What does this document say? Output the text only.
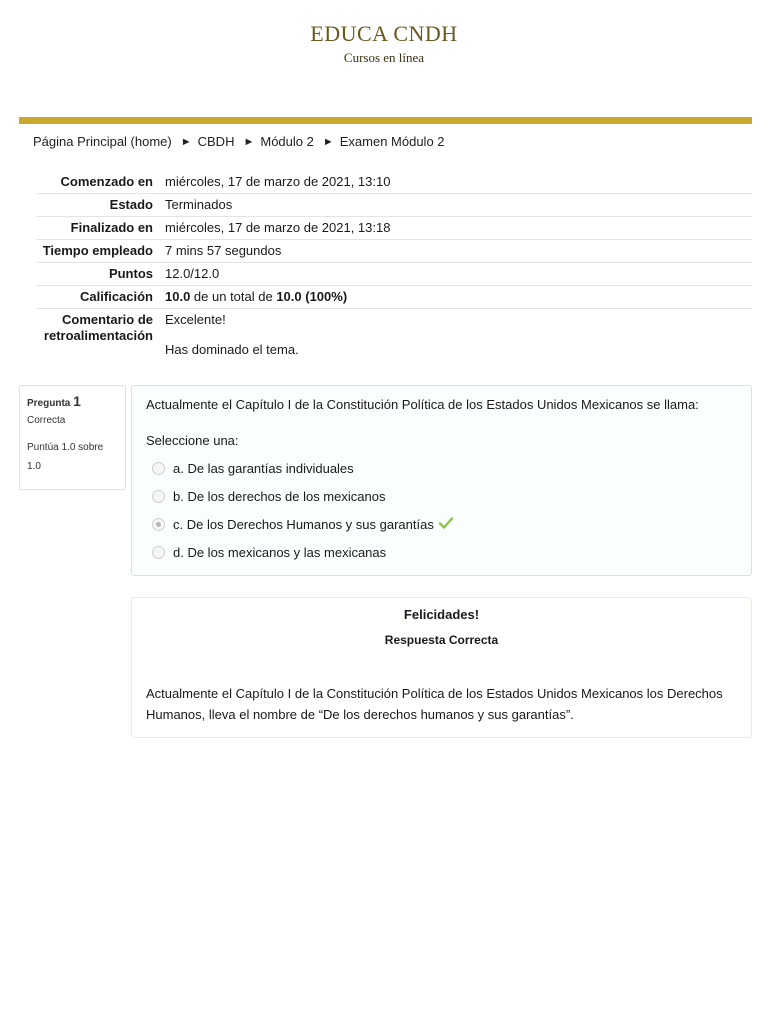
EDUCA CNDH
Cursos en línea
Página Principal (home) ► CBDH ► Módulo 2 ► Examen Módulo 2
Comenzado en	miércoles, 17 de marzo de 2021, 13:10
Estado	Terminados
Finalizado en	miércoles, 17 de marzo de 2021, 13:18
Tiempo empleado	7 mins 57 segundos
Puntos	12.0/12.0
Calificación	10.0 de un total de 10.0 (100%)
Comentario de retroalimentación	Excelente!
Has dominado el tema.
Pregunta 1
Correcta
Puntúa 1.0 sobre 1.0
Actualmente el Capítulo I de la Constitución Política de los Estados Unidos Mexicanos se llama:
Seleccione una:
a. De las garantías individuales
b. De los derechos de los mexicanos
c. De los Derechos Humanos y sus garantías
d. De los mexicanos y las mexicanas
Felicidades!
Respuesta Correcta
Actualmente el Capítulo I de la Constitución Política de los Estados Unidos Mexicanos los Derechos Humanos, lleva el nombre de “De los derechos humanos y sus garantías”.
